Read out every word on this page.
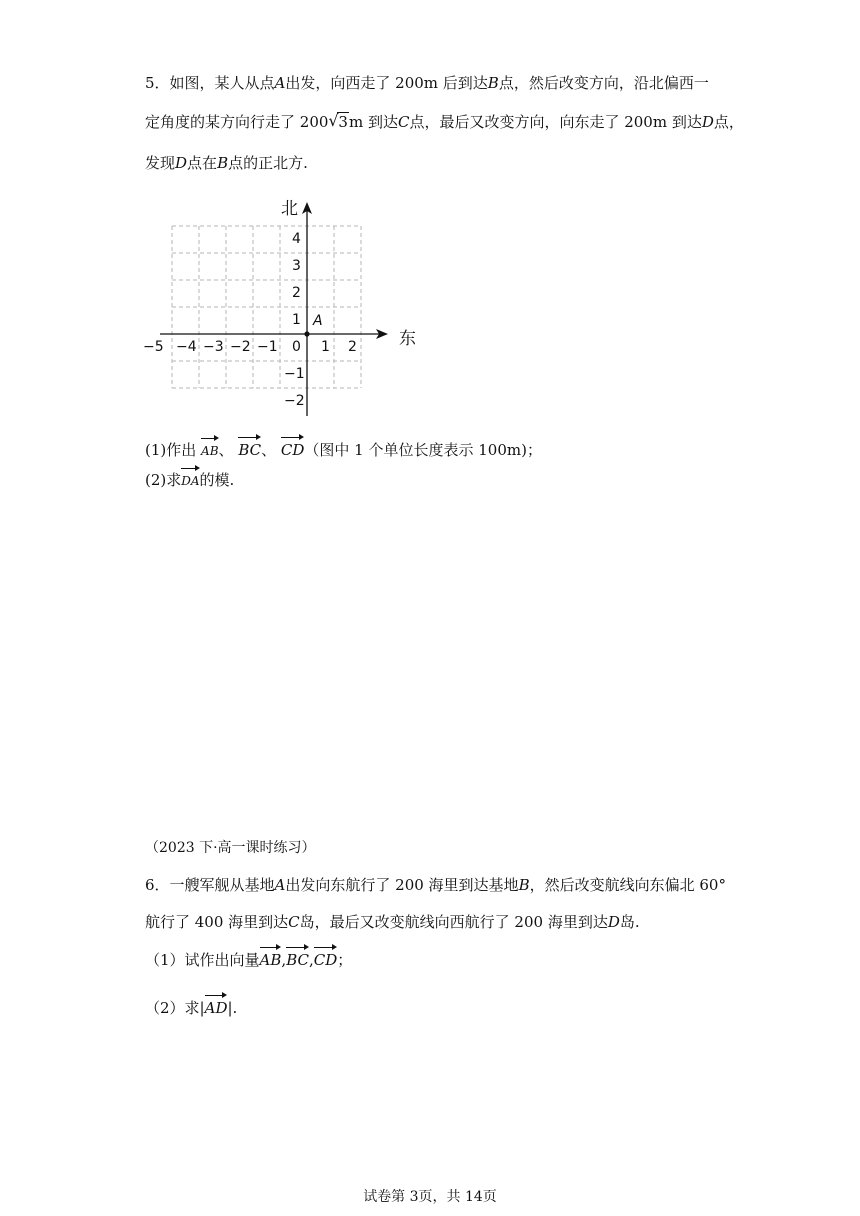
5．如图，某人从点A出发，向西走了 200m 后到达B点，然后改变方向，沿北偏西一
定角度的某方向行走了 200 √ 3m 到达C点，最后又改变方向，向东走了 200m 到达D点，
发现D点在B点的正北方.
北
东
0
A
−5 −4 −3 −2 −1	1 2
4
3
2
1
−1
−2
(1)作出 AB、 BC、 CD（图中 1 个单位长度表示 100m)；
(2)求DA的模.
（2023 下·高一课时练习）
6．一艘军舰从基地A出发向东航行了 200 海里到达基地B，然后改变航线向东偏北 60°
航行了 400 海里到达C岛，最后又改变航线向西航行了 200 海里到达D岛.
（1）试作出向量AB,BC,CD；
（2）求|AD|.
试卷第 3页，共 14页
